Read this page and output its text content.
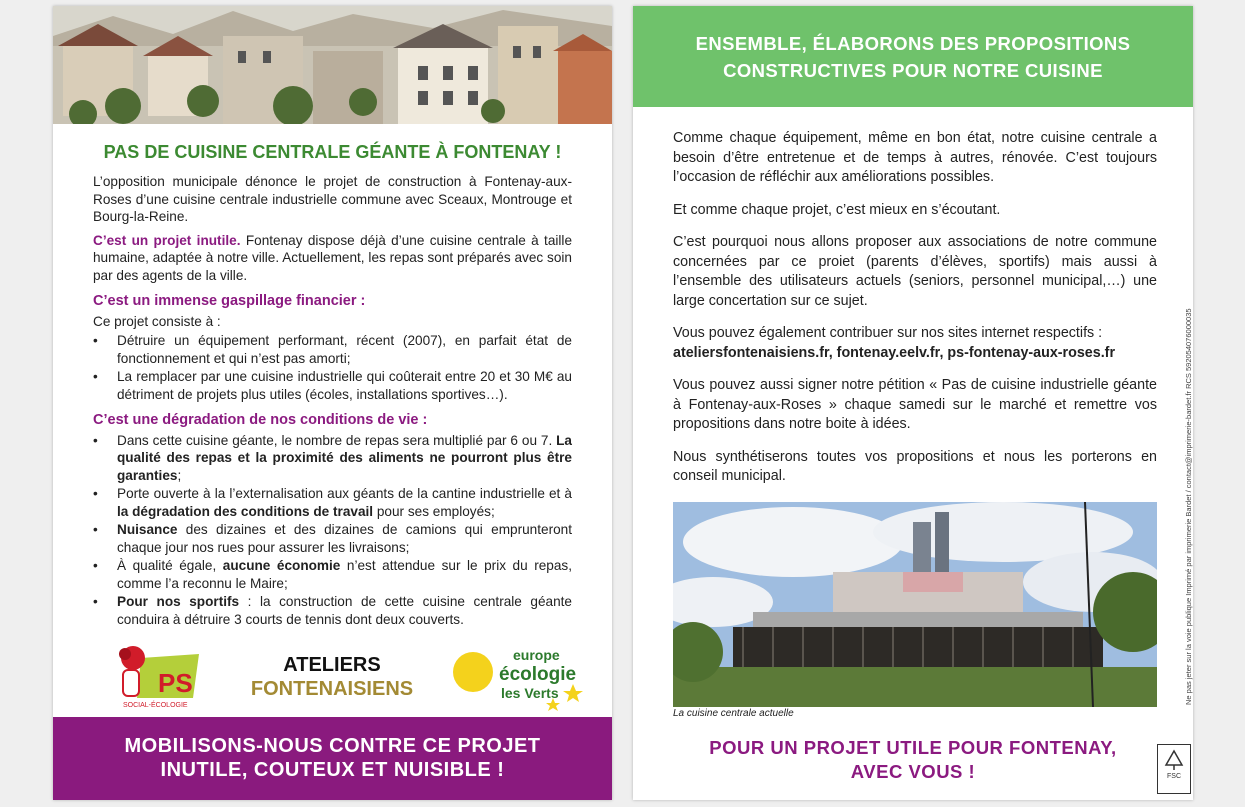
PAS DE CUISINE CENTRALE GÉANTE À FONTENAY !

L’opposition municipale dénonce le projet de construction à Fontenay-aux-Roses d’une cuisine centrale industrielle commune avec Sceaux, Montrouge et Bourg-la-Reine.

C’est un projet inutile. Fontenay dispose déjà d’une cuisine centrale à taille humaine, adaptée à notre ville. Actuellement, les repas sont préparés avec soin par des agents de la ville.

C’est un immense gaspillage financier :
Ce projet consiste à :
• Détruire un équipement performant, récent (2007), en parfait état de fonctionnement et qui n’est pas amorti;
• La remplacer par une cuisine industrielle qui coûterait entre 20 et 30 M€ au détriment de projets plus utiles (écoles, installations sportives…).
C’est une dégradation de nos conditions de vie :
• Dans cette cuisine géante, le nombre de repas sera multiplié par 6 ou 7. La qualité des repas et la proximité des aliments ne pourront plus être garanties;
• Porte ouverte à la l’externalisation aux géants de la cantine industrielle et à la dégradation des conditions de travail pour ses employés;
• Nuisance des dizaines et des dizaines de camions qui emprunteront chaque jour nos rues pour assurer les livraisons;
• À qualité égale, aucune économie n’est attendue sur le prix du repas, comme l’a reconnu le Maire;
• Pour nos sportifs : la construction de cette cuisine centrale géante conduira à détruire 3 courts de tennis dont deux couverts.
PS
SOCIAL-ÉCOLOGIE
ATELIERS
FONTENAISIENS
europe
écologie
les Verts
MOBILISONS-NOUS CONTRE CE PROJET
INUTILE, COUTEUX ET NUISIBLE !
ENSEMBLE, ÉLABORONS DES PROPOSITIONS
CONSTRUCTIVES POUR NOTRE CUISINE

Comme chaque équipement, même en bon état, notre cuisine centrale a besoin d’être entretenue et de temps à autres, rénovée. C’est toujours l’occasion de réfléchir aux améliorations possibles.

Et comme chaque projet, c’est mieux en s’écoutant.

C’est pourquoi nous allons proposer aux associations de notre commune concernées par ce proiet (parents d’élèves, sportifs) mais aussi à l’ensemble des utilisateurs actuels (seniors, personnel municipal,…) une large concertation sur ce sujet.

Vous pouvez également contribuer sur nos sites internet respectifs : ateliersfontenaisiens.fr, fontenay.eelv.fr, ps-fontenay-aux-roses.fr

Vous pouvez aussi signer notre pétition « Pas de cuisine industrielle géante à Fontenay-aux-Roses » chaque samedi sur le marché et remettre vos propositions dans notre boite à idées.

Nous synthétiserons toutes vos propositions et nous les porterons en conseil municipal.

La cuisine centrale actuelle
POUR UN PROJET UTILE POUR FONTENAY,
AVEC VOUS !	FSC
Ne pas jeter sur la voie publique Imprimé par imprimerie Bardet / contact@imprimerie-bardet.fr RCS 592054076000035
